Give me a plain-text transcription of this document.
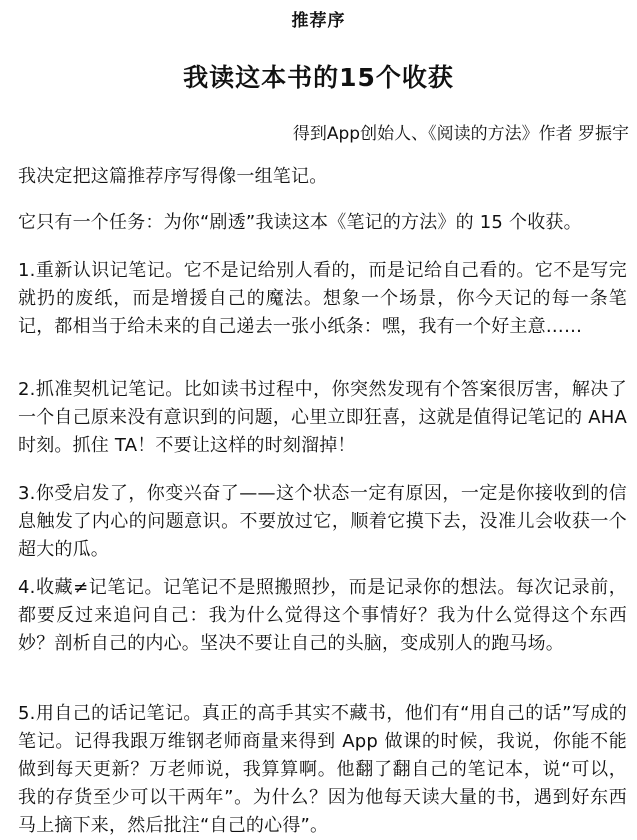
推荐序
我读这本书的15个收获
得到App创始人、《阅读的方法》作者 罗振宇

我决定把这篇推荐序写得像一组笔记。

它只有一个任务：为你“剧透”我读这本《笔记的方法》的 15 个收获。

1.重新认识记笔记。它不是记给别人看的，而是记给自己看的。它不是写完就扔的废纸，而是增援自己的魔法。想象一个场景，你今天记的每一条笔记，都相当于给未来的自己递去一张小纸条：嘿，我有一个好主意……

2.抓准契机记笔记。比如读书过程中，你突然发现有个答案很厉害，解决了一个自己原来没有意识到的问题，心里立即狂喜，这就是值得记笔记的 AHA 时刻。抓住 TA！不要让这样的时刻溜掉！

3.你受启发了，你变兴奋了——这个状态一定有原因，一定是你接收到的信息触发了内心的问题意识。不要放过它，顺着它摸下去，没准儿会收获一个超大的瓜。

4.收藏≠记笔记。记笔记不是照搬照抄，而是记录你的想法。每次记录前，都要反过来追问自己：我为什么觉得这个事情好？我为什么觉得这个东西妙？剖析自己的内心。坚决不要让自己的头脑，变成别人的跑马场。

5.用自己的话记笔记。真正的高手其实不藏书，他们有“用自己的话”写成的笔记。记得我跟万维钢老师商量来得到 App 做课的时候，我说，你能不能做到每天更新？万老师说，我算算啊。他翻了翻自己的笔记本，说“可以，我的存货至少可以干两年”。为什么？因为他每天读大量的书，遇到好东西马上摘下来，然后批注“自己的心得”。
